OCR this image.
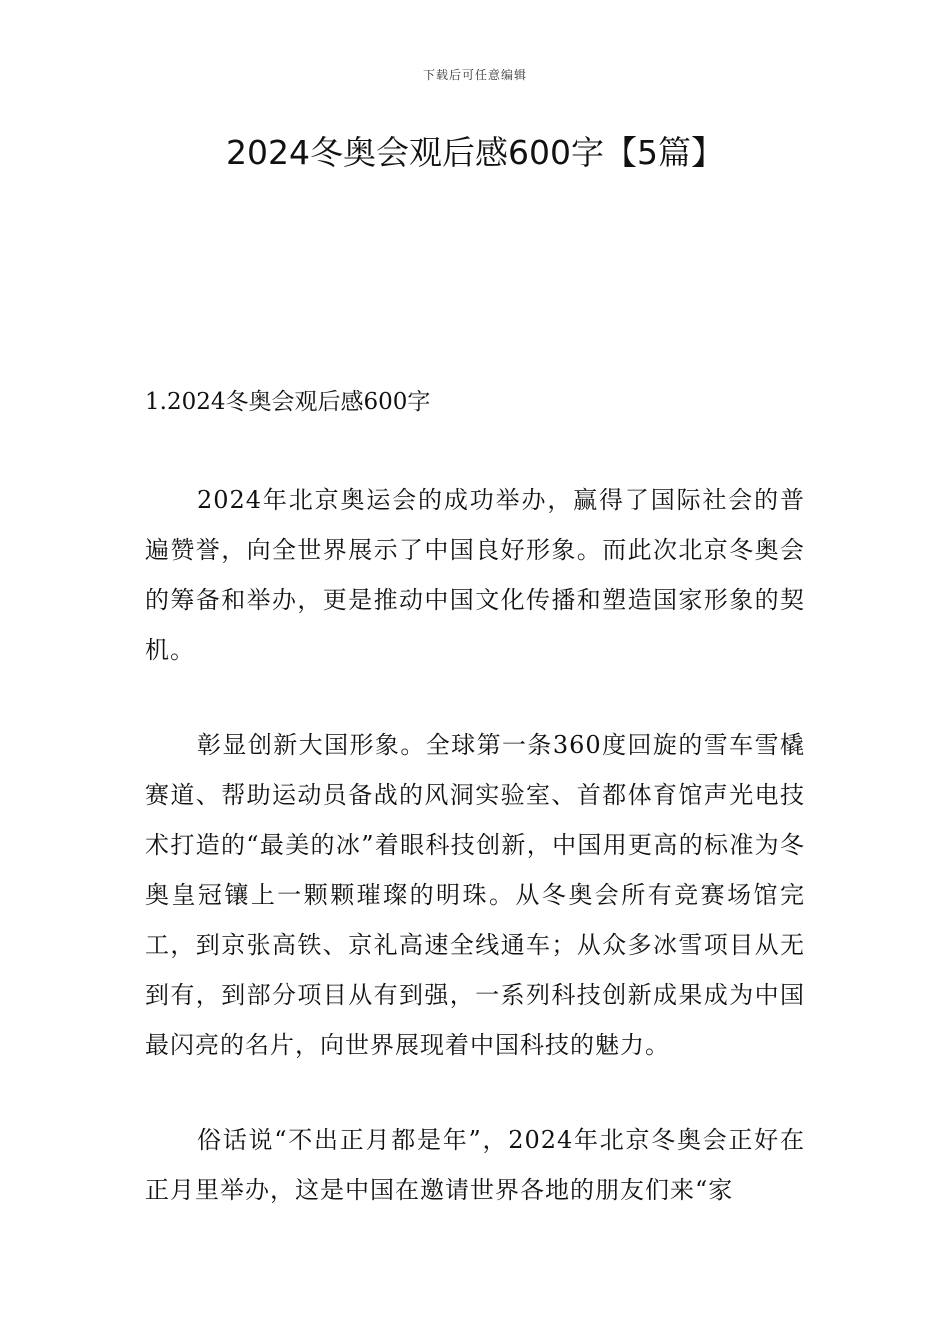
下载后可任意编辑
2024冬奥会观后感600字【5篇】
1.2024冬奥会观后感600字

2024年北京奥运会的成功举办，赢得了国际社会的普遍赞誉，向全世界展示了中国良好形象。而此次北京冬奥会的筹备和举办，更是推动中国文化传播和塑造国家形象的契机。

彰显创新大国形象。全球第一条360度回旋的雪车雪橇赛道、帮助运动员备战的风洞实验室、首都体育馆声光电技术打造的“最美的冰”着眼科技创新，中国用更高的标准为冬奥皇冠镶上一颗颗璀璨的明珠。从冬奥会所有竞赛场馆完工，到京张高铁、京礼高速全线通车；从众多冰雪项目从无到有，到部分项目从有到强，一系列科技创新成果成为中国最闪亮的名片，向世界展现着中国科技的魅力。

俗话说“不出正月都是年”，2024年北京冬奥会正好在正月里举办，这是中国在邀请世界各地的朋友们来“家
